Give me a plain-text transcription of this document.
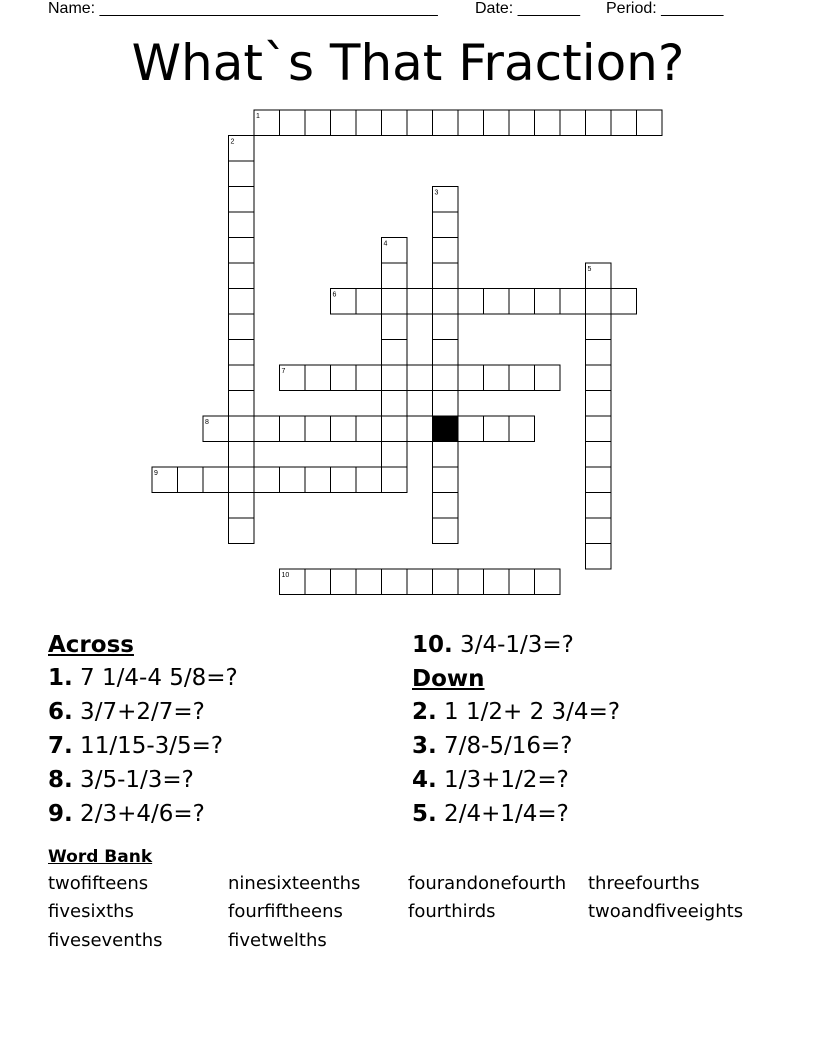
Name: ______________________________________ Date: _______ Period: _______
What`s That Fraction?
1
2
3
4
5
6
7
8
9
10
Across
1. 7 1/4-4 5/8=?
6. 3/7+2/7=?
7. 11/15-3/5=?
8. 3/5-1/3=?
9. 2/3+4/6=?
10. 3/4-1/3=?
Down
2. 1 1/2+ 2 3/4=?
3. 7/8-5/16=?
4. 1/3+1/2=?
5. 2/4+1/4=?
Word Bank
twofifteens	ninesixteenths	fourandonefourth threefourths
fivesixths	fourfiftheens	fourthirds	twoandfiveeights
fivesevenths	fivetwelths
